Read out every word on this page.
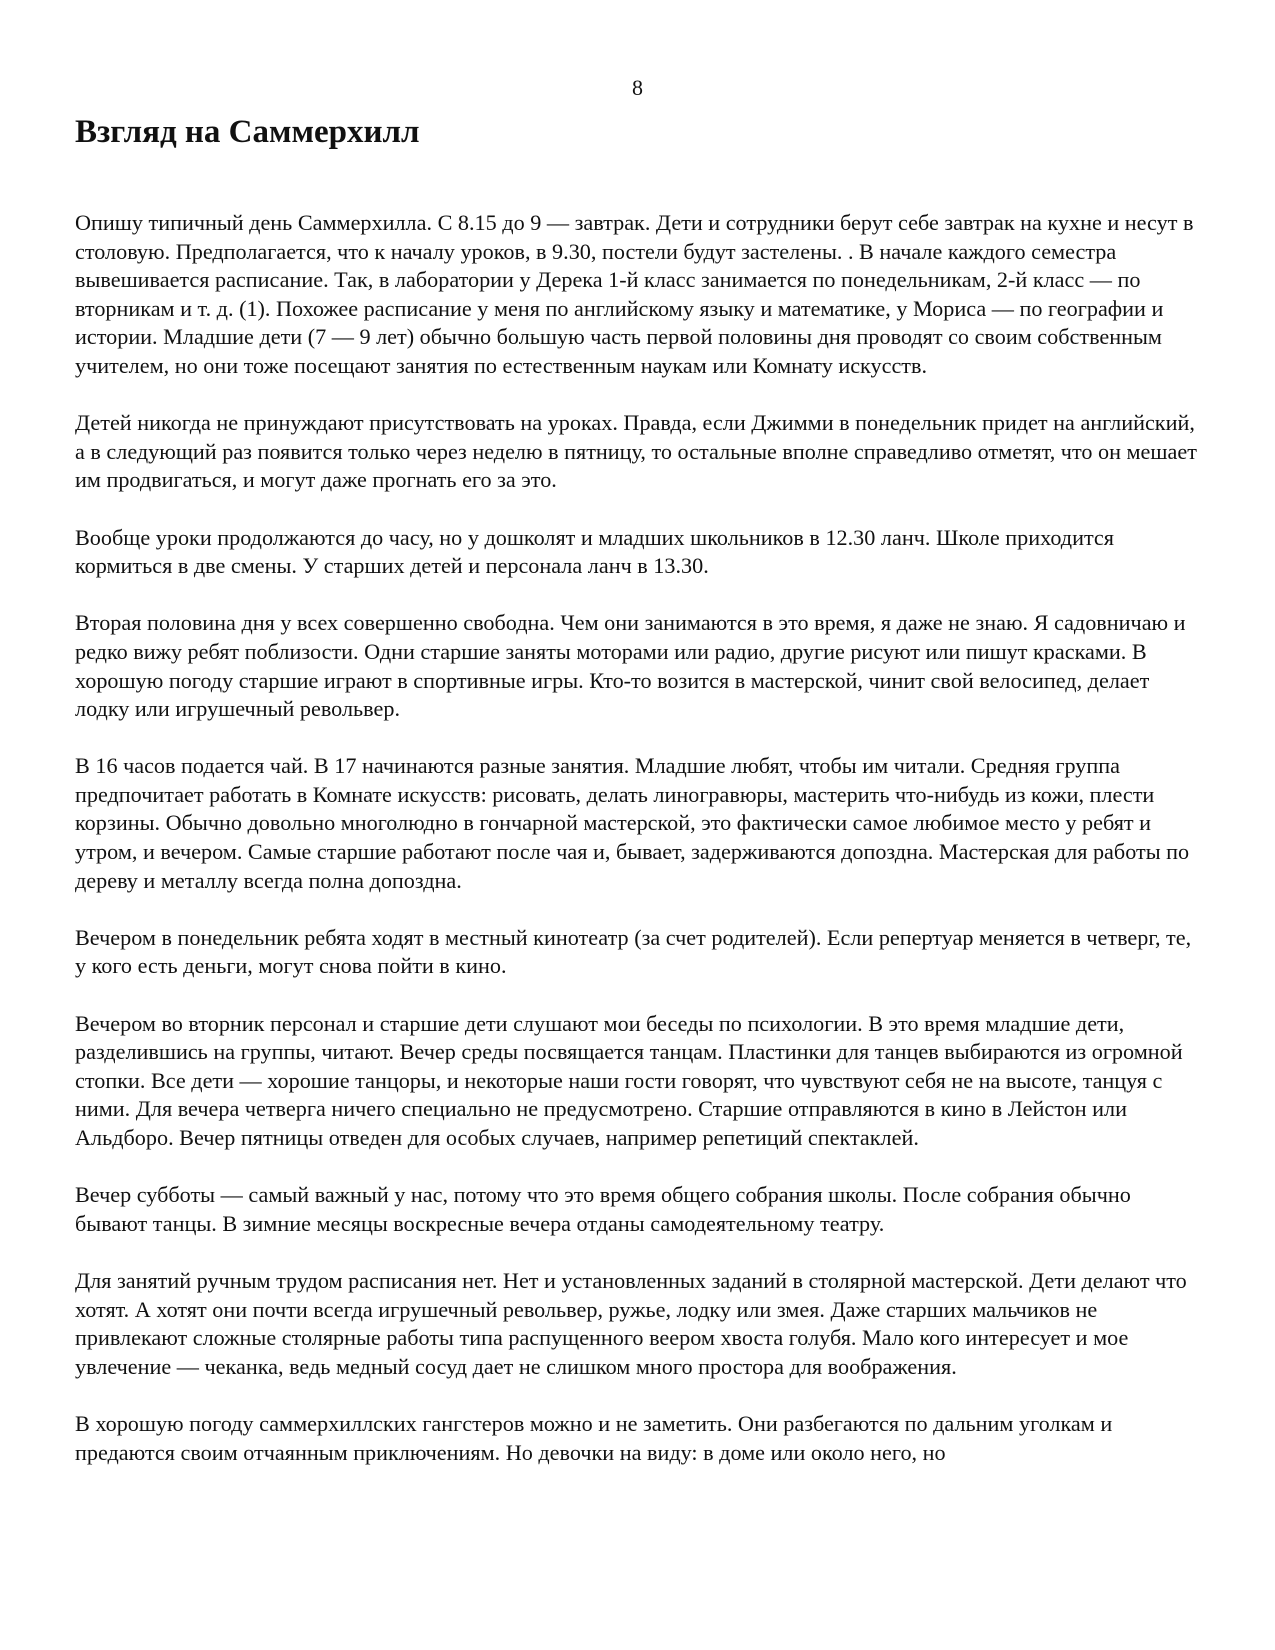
8
Взгляд на Саммерхилл

Опишу типичный день Саммерхилла. С 8.15 до 9 — завтрак. Дети и сотрудники берут себе завтрак на кухне и несут в столовую. Предполагается, что к началу уроков, в 9.30, постели будут застелены. . В начале каждого семестра вывешивается расписание. Так, в лаборатории у Дерека 1-й класс занимается по понедельникам, 2-й класс — по вторникам и т. д. (1). Похожее расписание у меня по английскому языку и математике, у Мориса — по географии и истории. Младшие дети (7 — 9 лет) обычно большую часть первой половины дня проводят со своим собственным учителем, но они тоже посещают занятия по естественным наукам или Комнату искусств.

Детей никогда не принуждают присутствовать на уроках. Правда, если Джимми в понедельник придет на английский, а в следующий раз появится только через неделю в пятницу, то остальные вполне справедливо отметят, что он мешает им продвигаться, и могут даже прогнать его за это.

Вообще уроки продолжаются до часу, но у дошколят и младших школьников в 12.30 ланч. Школе приходится кормиться в две смены. У старших детей и персонала ланч в 13.30.

Вторая половина дня у всех совершенно свободна. Чем они занимаются в это время, я даже не знаю. Я садовничаю и редко вижу ребят поблизости. Одни старшие заняты моторами или радио, другие рисуют или пишут красками. В хорошую погоду старшие играют в спортивные игры. Кто-то возится в мастерской, чинит свой велосипед, делает лодку или игрушечный револьвер.

В 16 часов подается чай. В 17 начинаются разные занятия. Младшие любят, чтобы им читали. Средняя группа предпочитает работать в Комнате искусств: рисовать, делать линогравюры, мастерить что-нибудь из кожи, плести корзины. Обычно довольно многолюдно в гончарной мастерской, это фактически самое любимое место у ребят и утром, и вечером. Самые старшие работают после чая и, бывает, задерживаются допоздна. Мастерская для работы по дереву и металлу всегда полна допоздна.

Вечером в понедельник ребята ходят в местный кинотеатр (за счет родителей). Если репертуар меняется в четверг, те, у кого есть деньги, могут снова пойти в кино.

Вечером во вторник персонал и старшие дети слушают мои беседы по психологии. В это время младшие дети, разделившись на группы, читают. Вечер среды посвящается танцам. Пластинки для танцев выбираются из огромной стопки. Все дети — хорошие танцоры, и некоторые наши гости говорят, что чувствуют себя не на высоте, танцуя с ними. Для вечера четверга ничего специально не предусмотрено. Старшие отправляются в кино в Лейстон или Альдборо. Вечер пятницы отведен для особых случаев, например репетиций спектаклей.

Вечер субботы — самый важный у нас, потому что это время общего собрания школы. После собрания обычно бывают танцы. В зимние месяцы воскресные вечера отданы самодеятельному театру.

Для занятий ручным трудом расписания нет. Нет и установленных заданий в столярной мастерской. Дети делают что хотят. А хотят они почти всегда игрушечный револьвер, ружье, лодку или змея. Даже старших мальчиков не привлекают сложные столярные работы типа распущенного веером хвоста голубя. Мало кого интересует и мое увлечение — чеканка, ведь медный сосуд дает не слишком много простора для воображения.

В хорошую погоду саммерхиллских гангстеров можно и не заметить. Они разбегаются по дальним уголкам и предаются своим отчаянным приключениям. Но девочки на виду: в доме или около него, но
